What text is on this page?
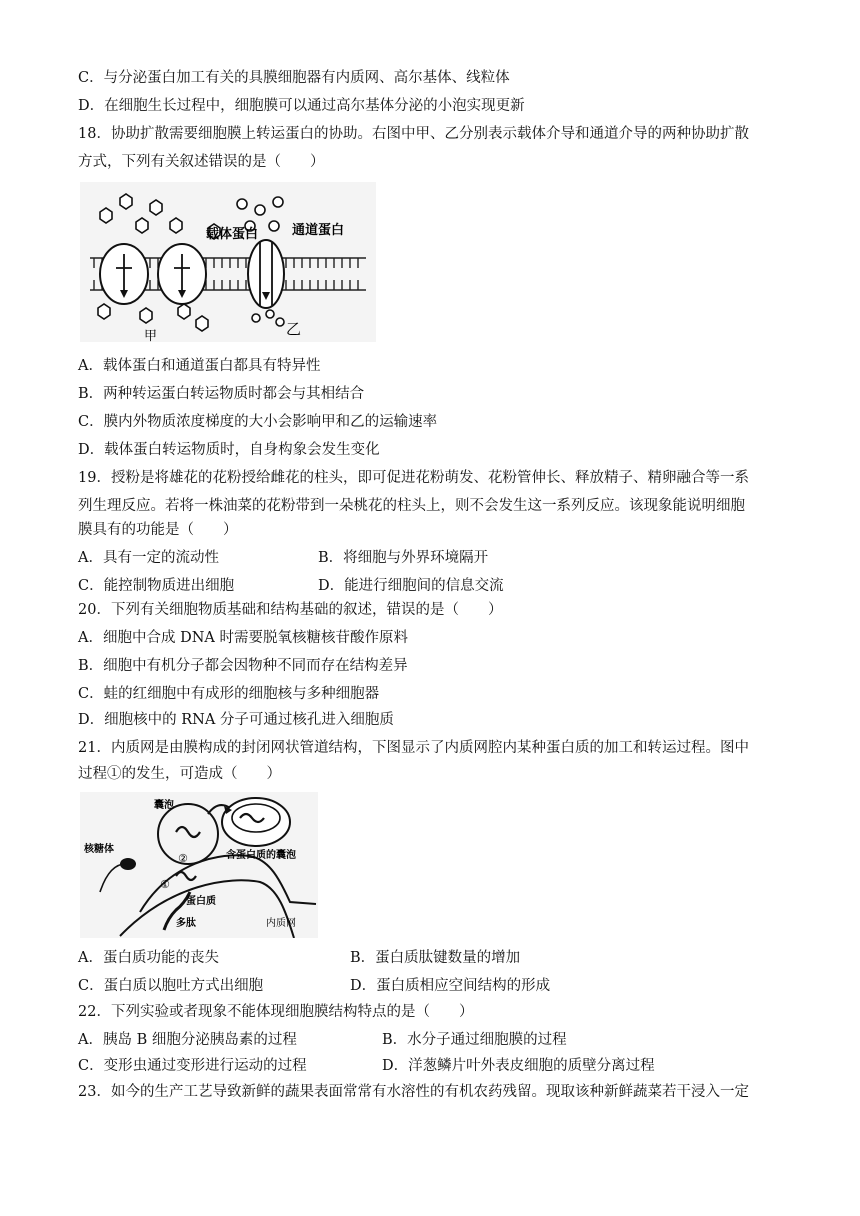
C．与分泌蛋白加工有关的具膜细胞器有内质网、高尔基体、线粒体
D．在细胞生长过程中，细胞膜可以通过高尔基体分泌的小泡实现更新
18．协助扩散需要细胞膜上转运蛋白的协助。右图中甲、乙分别表示载体介导和通道介导的两种协助扩散
方式，下列有关叙述错误的是（　　）
载体蛋白	通道蛋白
甲	乙
A．载体蛋白和通道蛋白都具有特异性
B．两种转运蛋白转运物质时都会与其相结合
C．膜内外物质浓度梯度的大小会影响甲和乙的运输速率
D．载体蛋白转运物质时，自身构象会发生变化
19．授粉是将雄花的花粉授给雌花的柱头，即可促进花粉萌发、花粉管伸长、释放精子、精卵融合等一系
列生理反应。若将一株油菜的花粉带到一朵桃花的柱头上，则不会发生这一系列反应。该现象能说明细胞
膜具有的功能是（　　）
A．具有一定的流动性	B．将细胞与外界环境隔开
C．能控制物质进出细胞	D．能进行细胞间的信息交流
20．下列有关细胞物质基础和结构基础的叙述，错误的是（　　）
A．细胞中合成 DNA 时需要脱氧核糖核苷酸作原料
B．细胞中有机分子都会因物种不同而存在结构差异
C．蛙的红细胞中有成形的细胞核与多种细胞器
D．细胞核中的 RNA 分子可通过核孔进入细胞质
21．内质网是由膜构成的封闭网状管道结构，下图显示了内质网腔内某种蛋白质的加工和转运过程。图中
过程①的发生，可造成（　　）
囊泡
核糖体
含蛋白质的囊泡
②
①
蛋白质
多肽	内质网
A．蛋白质功能的丧失	B．蛋白质肽键数量的增加
C．蛋白质以胞吐方式出细胞	D．蛋白质相应空间结构的形成
22．下列实验或者现象不能体现细胞膜结构特点的是（　　）
A．胰岛 B 细胞分泌胰岛素的过程	B．水分子通过细胞膜的过程
C．变形虫通过变形进行运动的过程	D．洋葱鳞片叶外表皮细胞的质壁分离过程
23．如今的生产工艺导致新鲜的蔬果表面常常有水溶性的有机农药残留。现取该种新鲜蔬菜若干浸入一定
